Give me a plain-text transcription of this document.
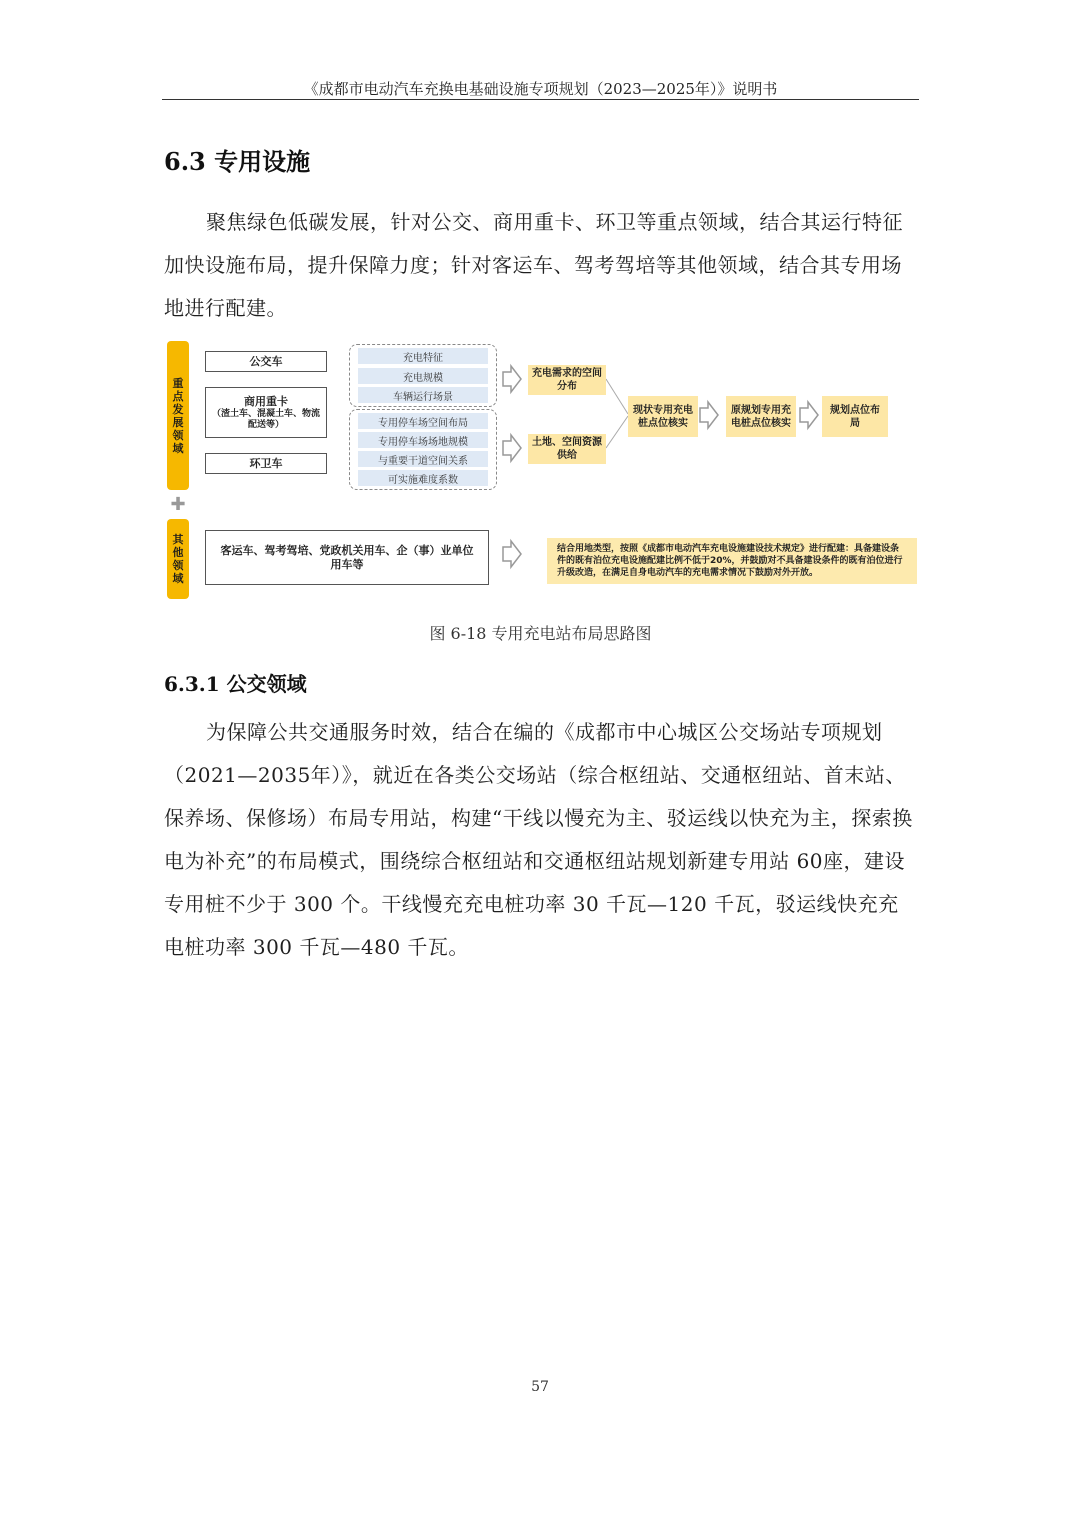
《成都市电动汽车充换电基础设施专项规划（2023—2025年）》说明书
6.3 专用设施
聚焦绿色低碳发展，针对公交、商用重卡、环卫等重点领域，结合其运行特征加快设施布局，提升保障力度；针对客运车、驾考驾培等其他领域，结合其专用场地进行配建。
重点发展领域
✚
其他领域
公交车
商用重卡
（渣土车、混凝土车、物流配送等）
环卫车
充电特征
充电规模
车辆运行场景
专用停车场空间布局
专用停车场场地规模
与重要干道空间关系
可实施难度系数
充电需求的空间分布
土地、空间资源供给
现状专用充电桩点位核实
原规划专用充电桩点位核实
规划点位布局
客运车、驾考驾培、党政机关用车、企（事）业单位用车等
结合用地类型，按照《成都市电动汽车充电设施建设技术规定》进行配建：具备建设条件的既有泊位充电设施配建比例不低于20%，并鼓励对不具备建设条件的既有泊位进行升级改造，在满足自身电动汽车的充电需求情况下鼓励对外开放。
图 6-18 专用充电站布局思路图
6.3.1 公交领域
为保障公共交通服务时效，结合在编的《成都市中心城区公交场站专项规划（2021—2035年）》，就近在各类公交场站（综合枢纽站、交通枢纽站、首末站、保养场、保修场）布局专用站，构建“干线以慢充为主、驳运线以快充为主，探索换电为补充”的布局模式，围绕综合枢纽站和交通枢纽站规划新建专用站 60座，建设专用桩不少于 300 个。干线慢充充电桩功率 30 千瓦—120 千瓦，驳运线快充充电桩功率 300 千瓦—480 千瓦。
57
